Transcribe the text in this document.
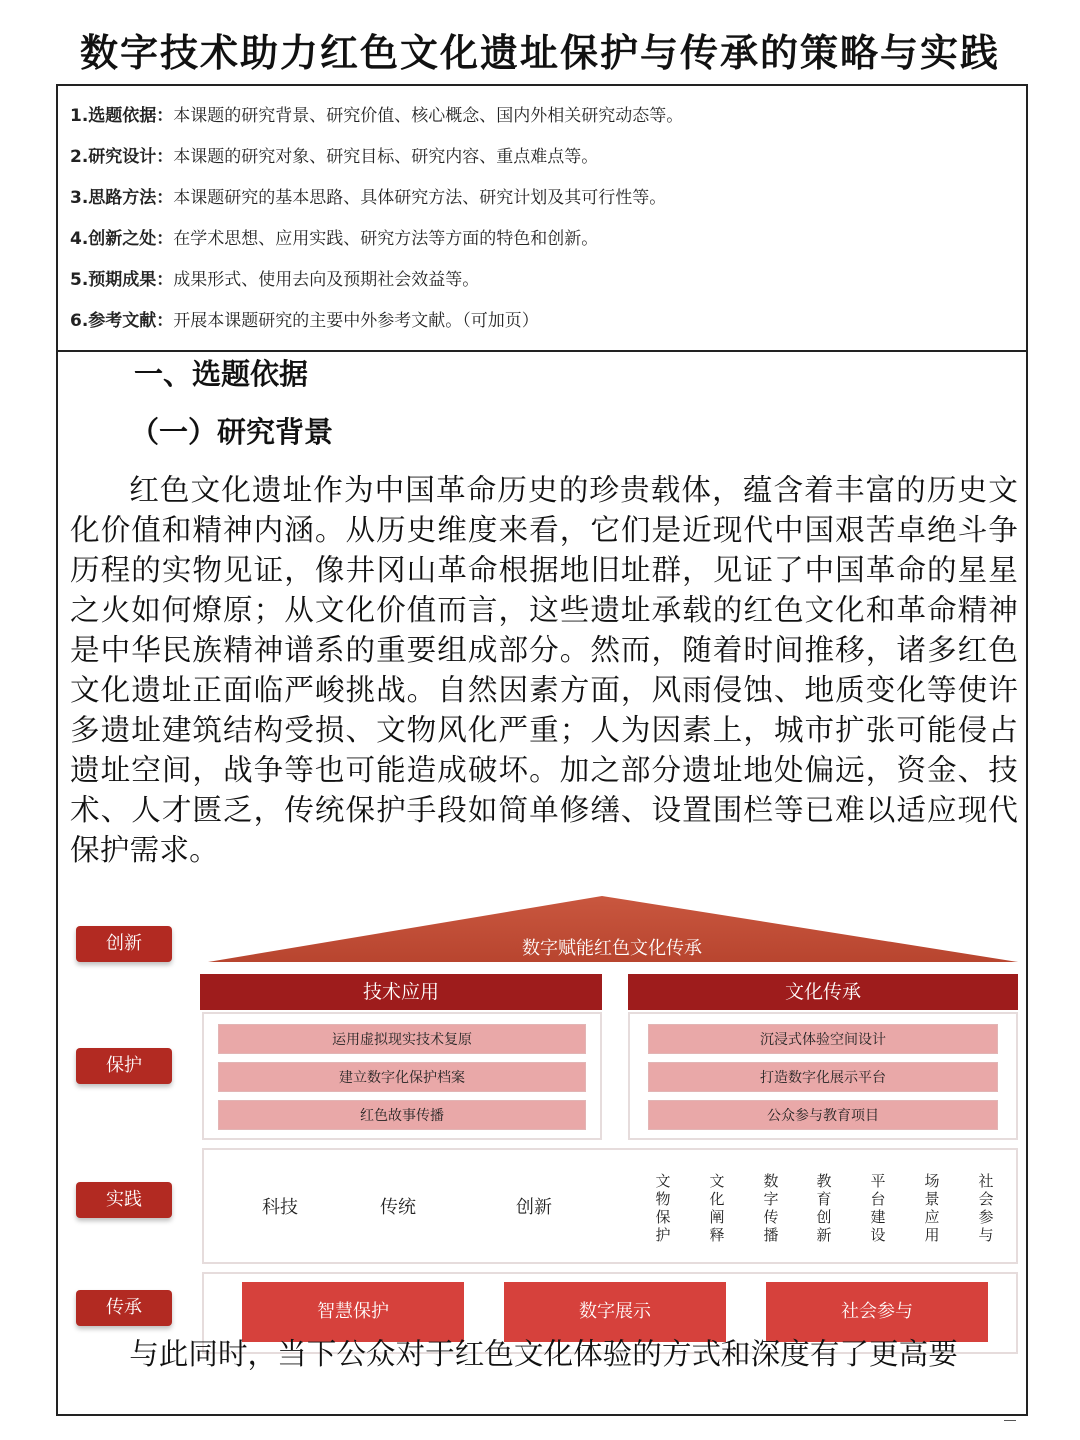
数字技术助力红色文化遗址保护与传承的策略与实践
1.选题依据：本课题的研究背景、研究价值、核心概念、国内外相关研究动态等。
2.研究设计：本课题的研究对象、研究目标、研究内容、重点难点等。
3.思路方法：本课题研究的基本思路、具体研究方法、研究计划及其可行性等。
4.创新之处：在学术思想、应用实践、研究方法等方面的特色和创新。
5.预期成果：成果形式、使用去向及预期社会效益等。
6.参考文献：开展本课题研究的主要中外参考文献。（可加页）
一、选题依据
（一）研究背景
红色文化遗址作为中国革命历史的珍贵载体，蕴含着丰富的历史文化价值和精神内涵。从历史维度来看，它们是近现代中国艰苦卓绝斗争历程的实物见证，像井冈山革命根据地旧址群，见证了中国革命的星星之火如何燎原；从文化价值而言，这些遗址承载的红色文化和革命精神是中华民族精神谱系的重要组成部分。然而，随着时间推移，诸多红色文化遗址正面临严峻挑战。自然因素方面，风雨侵蚀、地质变化等使许多遗址建筑结构受损、文物风化严重；人为因素上，城市扩张可能侵占遗址空间，战争等也可能造成破坏。加之部分遗址地处偏远，资金、技术、人才匮乏，传统保护手段如简单修缮、设置围栏等已难以适应现代保护需求。
数字赋能红色文化传承
创新
保护
实践
传承
技术应用	文化传承
运用虚拟现实技术复原
建立数字化保护档案
红色故事传播
沉浸式体验空间设计
打造数字化展示平台
公众参与教育项目
科技	传统	创新
文物保护
文化阐释
数字传播
教育创新
平台建设
场景应用
社会参与
智慧保护	数字展示	社会参与
与此同时，当下公众对于红色文化体验的方式和深度有了更高要
